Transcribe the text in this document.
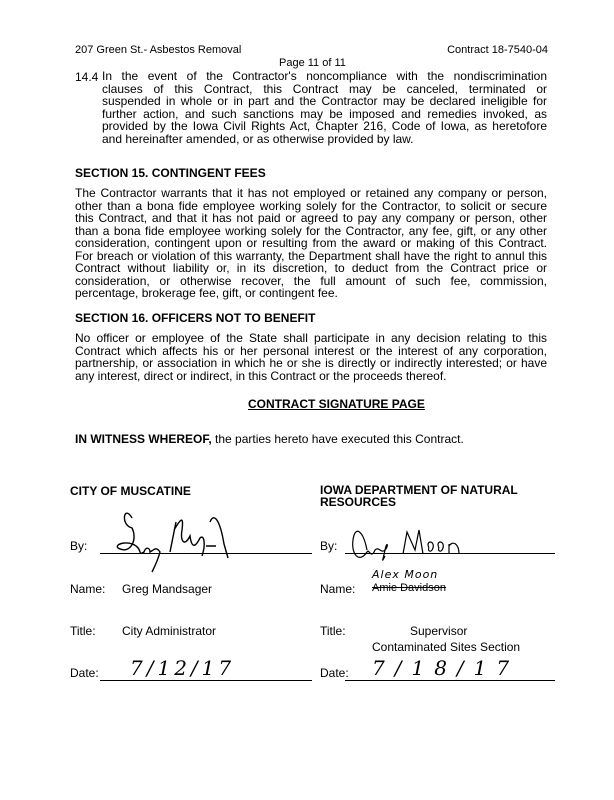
207 Green St.- Asbestos Removal	Contract 18-7540-04
Page 11 of 11
14.4 In the event of the Contractor's noncompliance with the nondiscrimination
clauses of this Contract, this Contract may be canceled, terminated or
suspended in whole or in part and the Contractor may be declared ineligible for
further action, and such sanctions may be imposed and remedies invoked, as
provided by the Iowa Civil Rights Act, Chapter 216, Code of Iowa, as heretofore
and hereinafter amended, or as otherwise provided by law.
SECTION 15. CONTINGENT FEES
The Contractor warrants that it has not employed or retained any company or person,
other than a bona fide employee working solely for the Contractor, to solicit or secure
this Contract, and that it has not paid or agreed to pay any company or person, other
than a bona fide employee working solely for the Contractor, any fee, gift, or any other
consideration, contingent upon or resulting from the award or making of this Contract.
For breach or violation of this warranty, the Department shall have the right to annul this
Contract without liability or, in its discretion, to deduct from the Contract price or
consideration, or otherwise recover, the full amount of such fee, commission,
percentage, brokerage fee, gift, or contingent fee.
SECTION 16. OFFICERS NOT TO BENEFIT
No officer or employee of the State shall participate in any decision relating to this
Contract which affects his or her personal interest or the interest of any corporation,
partnership, or association in which he or she is directly or indirectly interested; or have
any interest, direct or indirect, in this Contract or the proceeds thereof.
CONTRACT SIGNATURE PAGE
IN WITNESS WHEREOF, the parties hereto have executed this Contract.
CITY OF MUSCATINE
By:
Name: Greg Mandsager
Title: City Administrator
Date: 7/12/17
IOWA DEPARTMENT OF NATURAL
RESOURCES
By:
Name:
Alex Moon
Amie Davidson
Title:	Supervisor
Contaminated Sites Section
Date: 7/18/17
